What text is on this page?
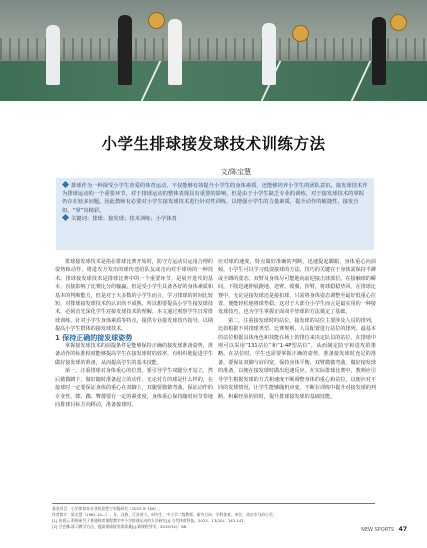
小学生排球接发球技术训练方法
文/陈宝慧
排球作为一种深受小学生喜爱的体育运动，不仅能够有效提升小学生的身体素质，还能够培养小学生的团队意识。接发球技术作为排球运动的一个重要环节，对于排球运动的整体表现具有重要的影响，但是由于小学生缺乏专业的训练，对于接发球技术的掌握仍存在较多问题。因此教师有必要对小学生接发球技术进行针对性训练，以增强小学生的力量素质，提升动作的敏捷性，接发自如，“掌”出精彩。
关键词：排球；接发球；技术训练；小学体育

排球接发球技术是指在排球比赛开始时，防守方运动员运用合理的姿势和动作，将进攻方发出的球传送给队友或击向对手球场的一种技术。排球接发球技术是排球比赛中的一个重要环节，是展开进攻的基本，直接影响了比赛比分的输赢。但是受小学生具备各好的身体素质和基本的判断能力，但是对于大多数的小学生而言，学习排球的时间比较短，对排球接发球技术的认识尚不成熟，所以想要提高小学生接发球技术，必须首先深化学生对接发球技术的理解。本文通过观察学生日常排球训练，针对小学生身体素质等特点，提供专业接发球技巧指导，以期提高小学生群体的接发球技术。

1 保持正确的接发球姿势

掌握接发球技术的前提条件是能够保持正确的接发球准备姿势，准备动作的标准程度能够提高学生在接发球时的效率，有组织地促进学生做好接发球的准备，从而提高学生的基本技能。

第一，注重排球对身体重心的位置，要引导学生双腿分开站立，然后微微蹲下，做好随时准备起立的动作，无论对方的球是什么样的，在接球时一定要保证身体的重心在双脚上，双腿要微微弯曲，保证动作的专业性，膝、踝、臀都要有一定的紧张度，身体重心保持随时向节奏地向排球目标方向移动，准备接球时，

应对球的速度、特点做好准确的判断，迅速提起脚跟，身体重心向前倾，小学生可以学习低姿接球的方法，技巧的关键在于身体需保持半蹲或全蹲的姿态，双臂及身体尽可能地向前迎接击球部位。在接触球的瞬间，下肢迅速伸展蹬地、送臂、收腹、挥臂，将球稳稳垫回。在排球比赛中，无论是接发球还是接扣球，只需将身体姿态调整至最好低重心位置，便能轻松地将球垫稳。这对于大部分小学生而言是最实用的一种接发球技巧，也为学生掌握正面双手垫球的方法奠定了基础。

第二，注重接发球时的站位。接发球的站位主要涉及人员的排列，比如根据不同排球类型、比赛规则，人员配置进行站位的排列。最基本的站位根据具体角色和技能在场上的排位来决定队员的站位。在排球中则可以采用“131站位”和“1-4P型站位”，从而制定防守和进攻的策略。在站位时，学生也需要掌握正确的姿势，准备接发球时充足的准备，要保证双脚与肩同宽，保持身体平衡，双臂微微弯曲，做好接发球的准备，以便在接发球时做出迅速反应。在实际排球比赛中，教师应引导学生根据发球的方式和速度不断调整身体的重心和站位，以便应对不同的发球情况，让学生能够随机应变，不断在训练中提升对接发球的判断，积累经验的同时，提升排球接发球的基础技能。

基金项目：小学体育本专业的思想与实践研究（2023 JY 108）。
作者简介：陈宝慧（1981.10—），女，汉族，江苏省人，研究生，中小学二级教师，研究方向：学科体育。单位：南京市马府小学。
[1] 张春云.积极研究于普通体育课程教学中小学排球运动的方法研究[J].当代体育科技，2023，13(20)：143-147.
[2] 吕会娜.练习教学方法，提高排球接发球质量[J].新课程导学，2019(32)：68.
NEW SPORTS 47
